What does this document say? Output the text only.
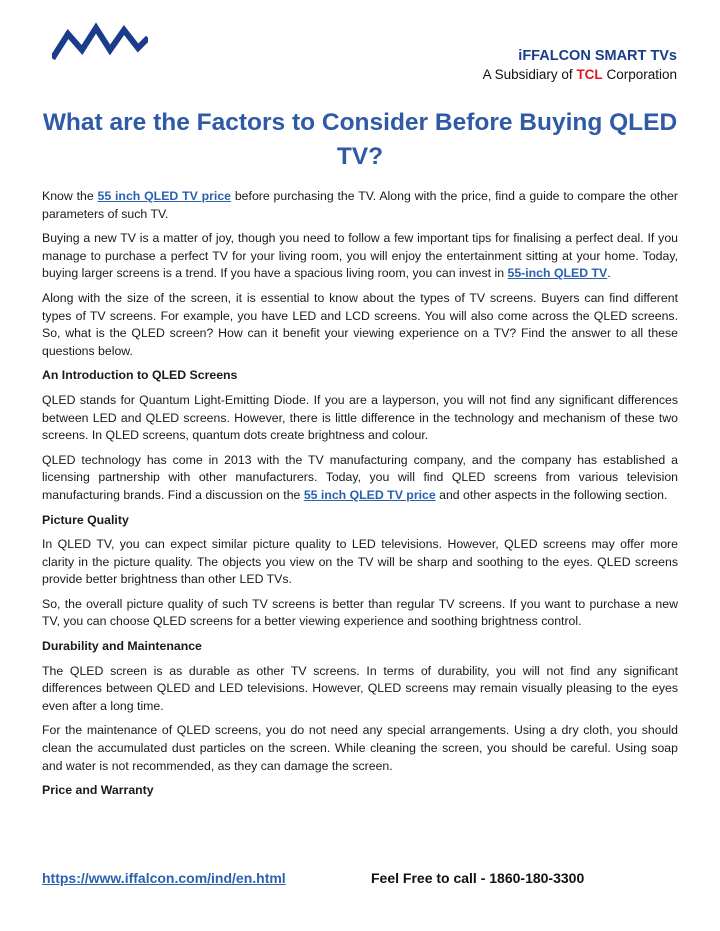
iFFALCON SMART TVs
A Subsidiary of TCL Corporation
What are the Factors to Consider Before Buying QLED TV?

Know the 55 inch QLED TV price before purchasing the TV. Along with the price, find a guide to compare the other parameters of such TV.

Buying a new TV is a matter of joy, though you need to follow a few important tips for finalising a perfect deal. If you manage to purchase a perfect TV for your living room, you will enjoy the entertainment sitting at your home. Today, buying larger screens is a trend. If you have a spacious living room, you can invest in 55-inch QLED TV.

Along with the size of the screen, it is essential to know about the types of TV screens. Buyers can find different types of TV screens. For example, you have LED and LCD screens. You will also come across the QLED screens. So, what is the QLED screen? How can it benefit your viewing experience on a TV? Find the answer to all these questions below.

An Introduction to QLED Screens

QLED stands for Quantum Light-Emitting Diode. If you are a layperson, you will not find any significant differences between LED and QLED screens. However, there is little difference in the technology and mechanism of these two screens. In QLED screens, quantum dots create brightness and colour.

QLED technology has come in 2013 with the TV manufacturing company, and the company has established a licensing partnership with other manufacturers. Today, you will find QLED screens from various television manufacturing brands. Find a discussion on the 55 inch QLED TV price and other aspects in the following section.

Picture Quality

In QLED TV, you can expect similar picture quality to LED televisions. However, QLED screens may offer more clarity in the picture quality. The objects you view on the TV will be sharp and soothing to the eyes. QLED screens provide better brightness than other LED TVs.

So, the overall picture quality of such TV screens is better than regular TV screens. If you want to purchase a new TV, you can choose QLED screens for a better viewing experience and soothing brightness control.

Durability and Maintenance

The QLED screen is as durable as other TV screens. In terms of durability, you will not find any significant differences between QLED and LED televisions. However, QLED screens may remain visually pleasing to the eyes even after a long time.

For the maintenance of QLED screens, you do not need any special arrangements. Using a dry cloth, you should clean the accumulated dust particles on the screen. While cleaning the screen, you should be careful. Using soap and water is not recommended, as they can damage the screen.

Price and Warranty

https://www.iffalcon.com/ind/en.html	Feel Free to call - 1860-180-3300
